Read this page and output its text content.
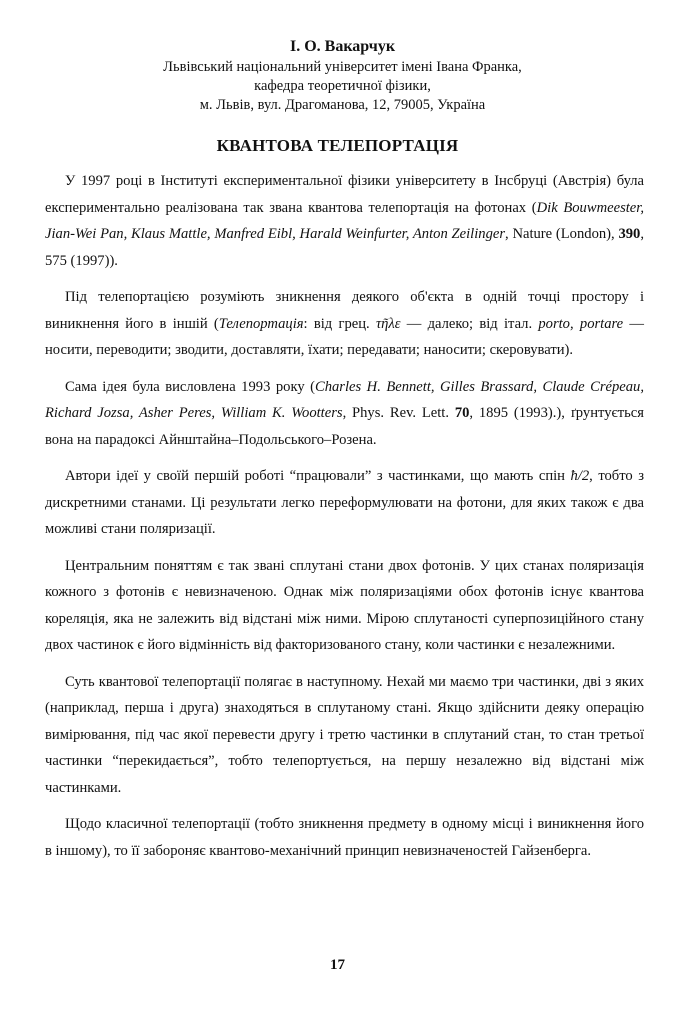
І. О. Вакарчук
Львівський національний університет імені Івана Франка,
кафедра теоретичної фізики,
м. Львів, вул. Драгоманова, 12, 79005, Україна
КВАНТОВА ТЕЛЕПОРТАЦІЯ

У 1997 році в Інституті експериментальної фізики університету в Інсбруці (Австрія) була експериментально реалізована так звана квантова телепортація на фотонах (Dik Bouwmeester, Jian-Wei Pan, Klaus Mattle, Manfred Eibl, Harald Weinfurter, Anton Zeilinger, Nature (London), 390, 575 (1997)).

Під телепортацією розуміють зникнення деякого об'єкта в одній точці простору і виникнення його в іншій (Телепортація: від грец. τῆλε — далеко; від італ. porto, portare — носити, переводити; зводити, доставляти, їхати; передавати; наносити; скеровувати).

Сама ідея була висловлена 1993 року (Charles H. Bennett, Gilles Brassard, Claude Crépeau, Richard Jozsa, Asher Peres, William K. Wootters, Phys. Rev. Lett. 70, 1895 (1993).), ґрунтується вона на парадоксі Айнштайна–Подольського–Розена.

Автори ідеї у своїй першій роботі “працювали” з частинками, що мають спін ħ/2, тобто з дискретними станами. Ці результати легко переформулювати на фотони, для яких також є два можливі стани поляризації.

Центральним поняттям є так звані сплутані стани двох фотонів. У цих станах поляризація кожного з фотонів є невизначеною. Однак між поляризаціями обох фотонів існує квантова кореляція, яка не залежить від відстані між ними. Мірою сплутаності суперпозиційного стану двох частинок є його відмінність від факторизованого стану, коли частинки є незалежними.

Суть квантової телепортації полягає в наступному. Нехай ми маємо три частинки, дві з яких (наприклад, перша і друга) знаходяться в сплутаному стані. Якщо здійснити деяку операцію вимірювання, під час якої перевести другу і третю частинки в сплутаний стан, то стан третьої частинки “перекидається”, тобто телепортується, на першу незалежно від відстані між частинками.

Щодо класичної телепортації (тобто зникнення предмету в одному місці і виникнення його в іншому), то її забороняє квантово-механічний принцип невизначеностей Гайзенберга.

17
